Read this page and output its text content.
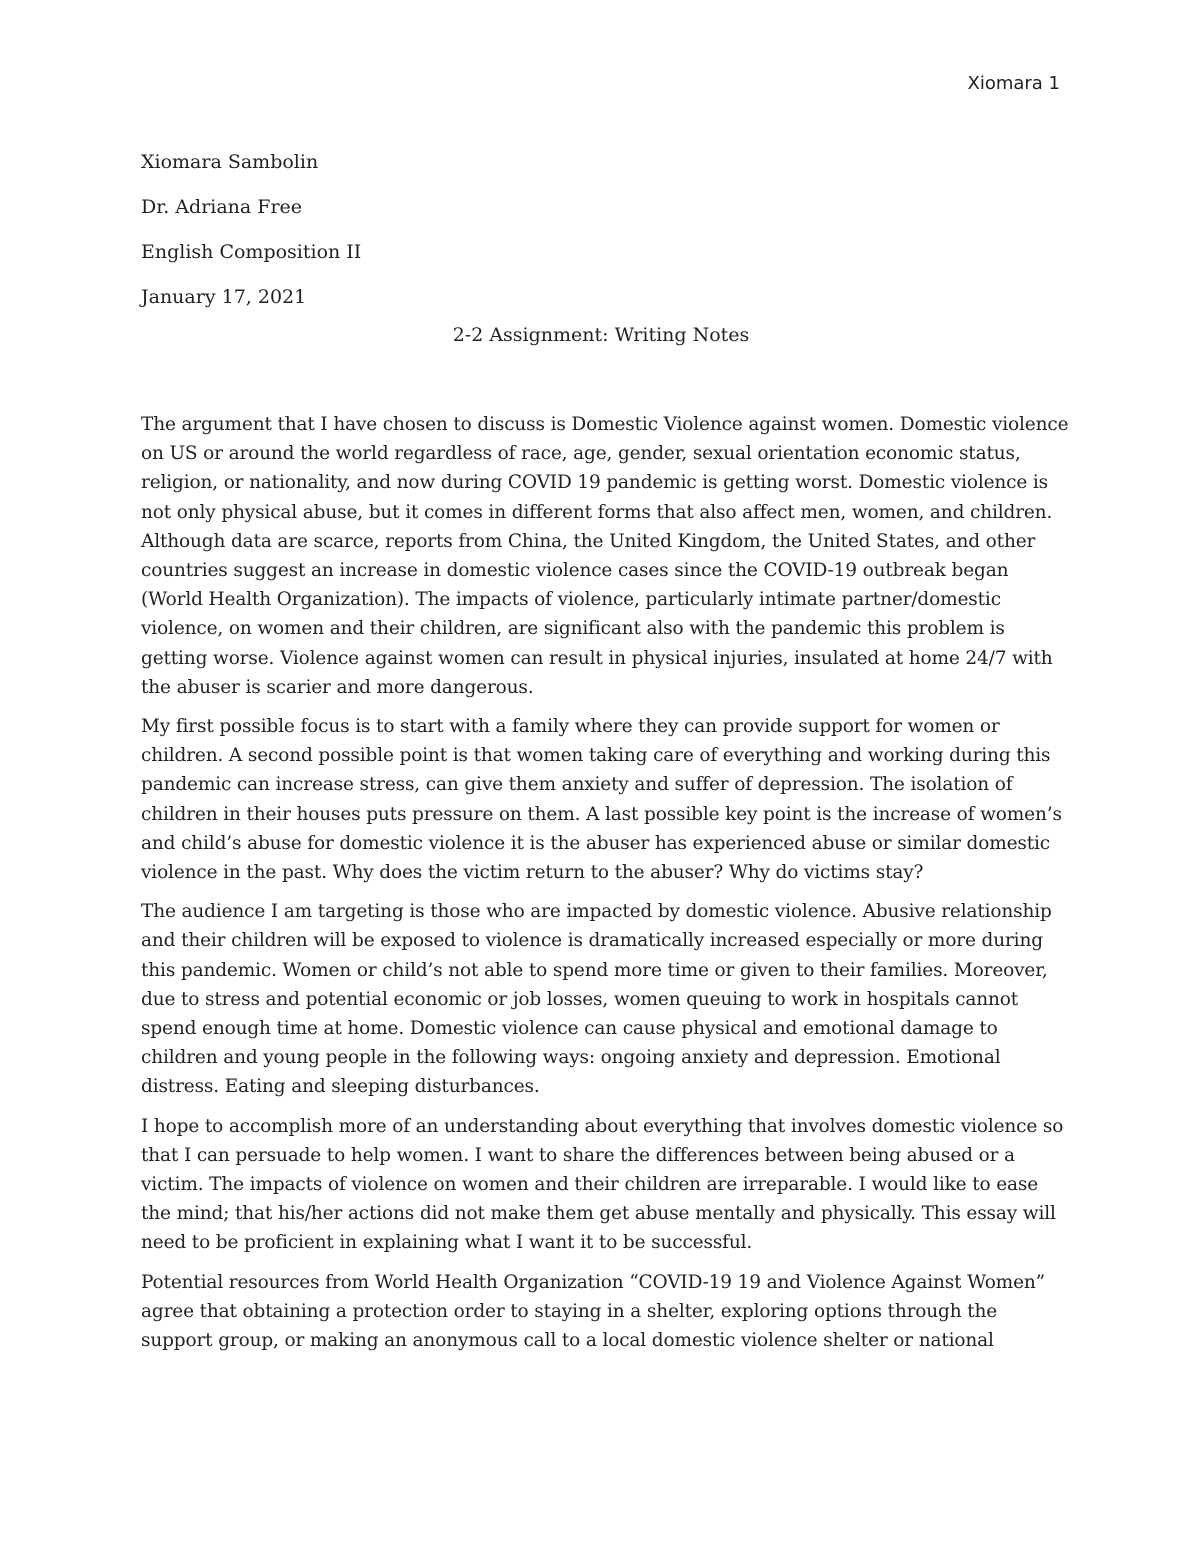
Xiomara 1
Xiomara Sambolin
Dr. Adriana Free
English Composition II
January 17, 2021
2-2 Assignment: Writing Notes

The argument that I have chosen to discuss is Domestic Violence against women. Domestic violence on US or around the world regardless of race, age, gender, sexual orientation economic status, religion, or nationality, and now during COVID 19 pandemic is getting worst. Domestic violence is not only physical abuse, but it comes in different forms that also affect men, women, and children. Although data are scarce, reports from China, the United Kingdom, the United States, and other countries suggest an increase in domestic violence cases since the COVID-19 outbreak began (World Health Organization). The impacts of violence, particularly intimate partner/domestic violence, on women and their children, are significant also with the pandemic this problem is getting worse. Violence against women can result in physical injuries, insulated at home 24/7 with the abuser is scarier and more dangerous.

My first possible focus is to start with a family where they can provide support for women or children. A second possible point is that women taking care of everything and working during this pandemic can increase stress, can give them anxiety and suffer of depression. The isolation of children in their houses puts pressure on them. A last possible key point is the increase of women’s and child’s abuse for domestic violence it is the abuser has experienced abuse or similar domestic violence in the past. Why does the victim return to the abuser? Why do victims stay?

The audience I am targeting is those who are impacted by domestic violence. Abusive relationship and their children will be exposed to violence is dramatically increased especially or more during this pandemic. Women or child’s not able to spend more time or given to their families. Moreover, due to stress and potential economic or job losses, women queuing to work in hospitals cannot spend enough time at home. Domestic violence can cause physical and emotional damage to children and young people in the following ways: ongoing anxiety and depression. Emotional distress. Eating and sleeping disturbances.

I hope to accomplish more of an understanding about everything that involves domestic violence so that I can persuade to help women. I want to share the differences between being abused or a victim. The impacts of violence on women and their children are irreparable. I would like to ease the mind; that his/her actions did not make them get abuse mentally and physically. This essay will need to be proficient in explaining what I want it to be successful.

Potential resources from World Health Organization “COVID-19 19 and Violence Against Women” agree that obtaining a protection order to staying in a shelter, exploring options through the support group, or making an anonymous call to a local domestic violence shelter or national
